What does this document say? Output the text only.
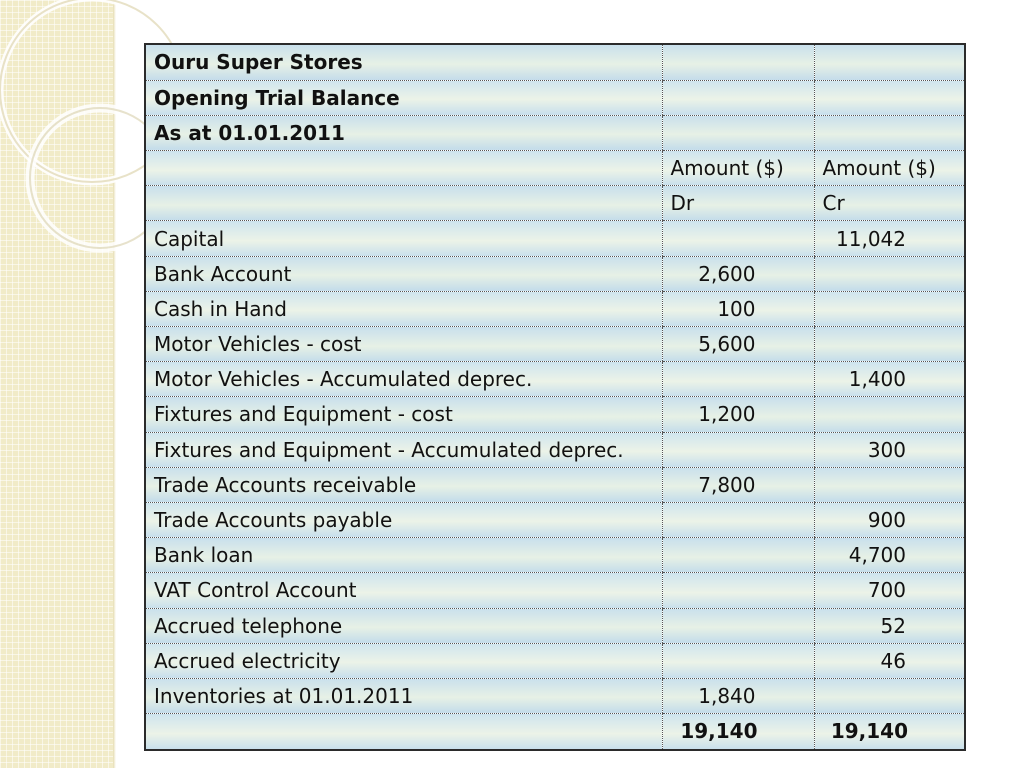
Ouru Super Stores		
Opening Trial Balance		
As at 01.01.2011		
	Amount ($)	Amount ($)
	Dr	Cr
Capital		11,042
Bank Account	2,600	
Cash in Hand	100	
Motor Vehicles - cost	5,600	
Motor Vehicles - Accumulated deprec.		1,400
Fixtures and Equipment - cost	1,200	
Fixtures and Equipment - Accumulated deprec.		300
Trade Accounts receivable	7,800	
Trade Accounts payable		900
Bank loan		4,700
VAT Control Account		700
Accrued telephone		52
Accrued electricity		46
Inventories at 01.01.2011	1,840	
	19,140	19,140
